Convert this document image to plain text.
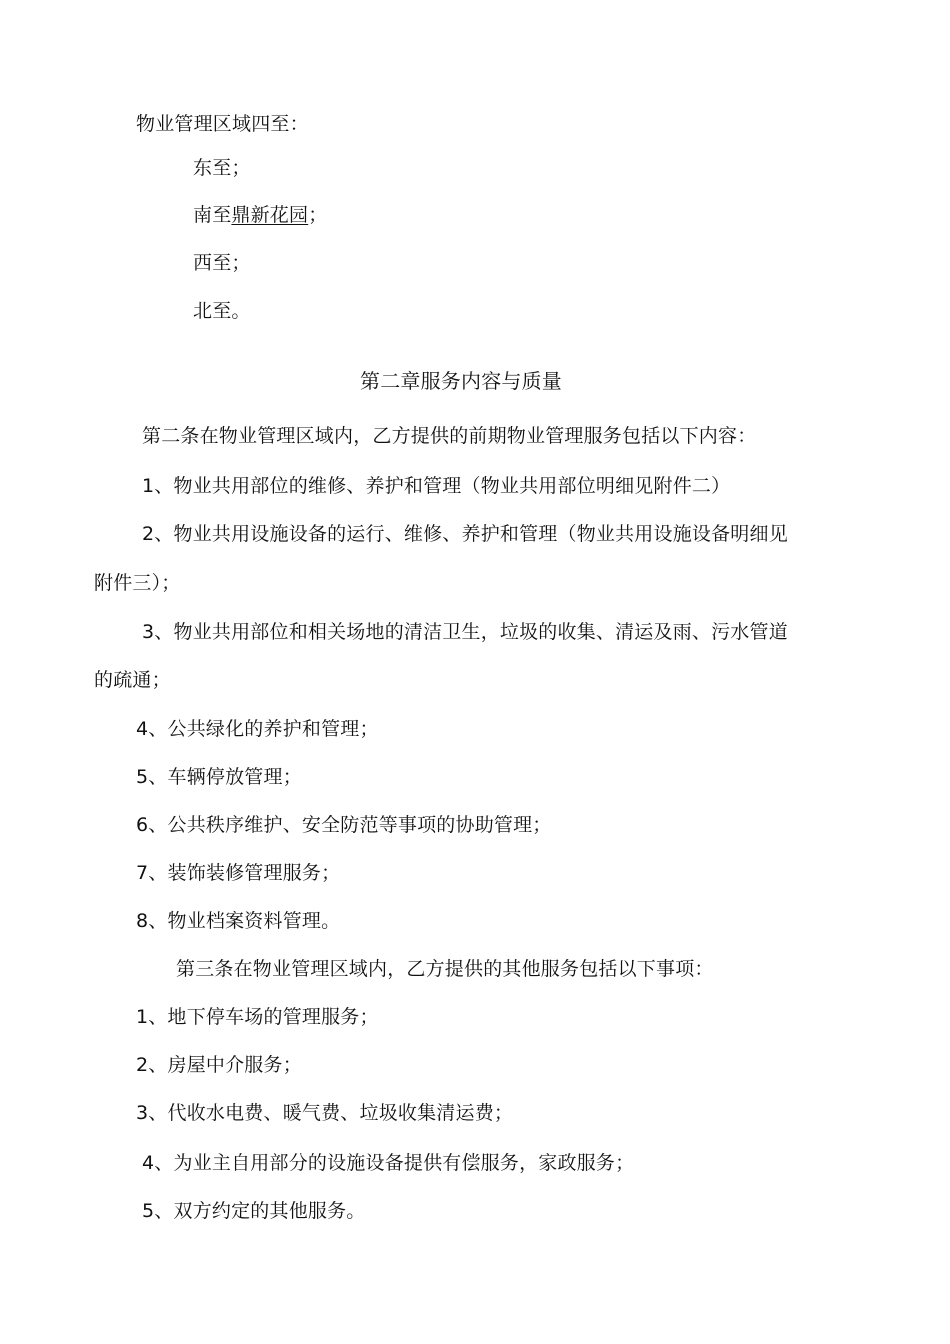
物业管理区域四至：
东至；
南至鼎新花园；
西至；
北至。
第二章服务内容与质量
第二条在物业管理区域内，乙方提供的前期物业管理服务包括以下内容：
1、物业共用部位的维修、养护和管理（物业共用部位明细见附件二）
2、物业共用设施设备的运行、维修、养护和管理（物业共用设施设备明细见
附件三）；
3、物业共用部位和相关场地的清洁卫生，垃圾的收集、清运及雨、污水管道
的疏通；
4、公共绿化的养护和管理；
5、车辆停放管理；
6、公共秩序维护、安全防范等事项的协助管理；
7、装饰装修管理服务；
8、物业档案资料管理。
第三条在物业管理区域内，乙方提供的其他服务包括以下事项：
1、地下停车场的管理服务；
2、房屋中介服务；
3、代收水电费、暖气费、垃圾收集清运费；
4、为业主自用部分的设施设备提供有偿服务，家政服务；
5、双方约定的其他服务。
